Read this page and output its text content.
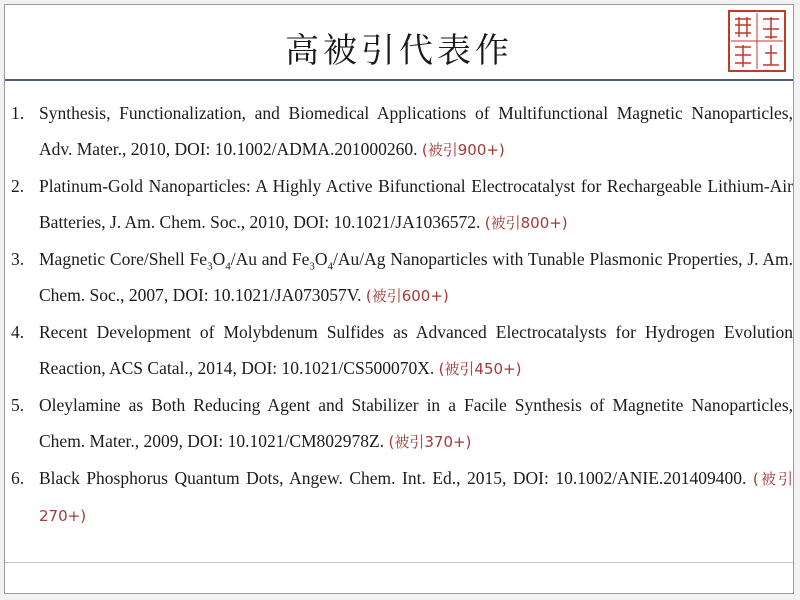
高被引代表作
1. Synthesis, Functionalization, and Biomedical Applications of Multifunctional Magnetic Nanoparticles, Adv. Mater., 2010, DOI: 10.1002/ADMA.201000260. (被引900+)
2. Platinum-Gold Nanoparticles: A Highly Active Bifunctional Electrocatalyst for Rechargeable Lithium-Air Batteries, J. Am. Chem. Soc., 2010, DOI: 10.1021/JA1036572. (被引800+)
3. Magnetic Core/Shell $Fe_3O_4/Au$ and $Fe_3O_4/Au/Ag$ Nanoparticles with Tunable Plasmonic Properties, J. Am. Chem. Soc., 2007, DOI: 10.1021/JA073057V. (被引600+)
4. Recent Development of Molybdenum Sulfides as Advanced Electrocatalysts for Hydrogen Evolution Reaction, ACS Catal., 2014, DOI: 10.1021/CS500070X. (被引450+)
5. Oleylamine as Both Reducing Agent and Stabilizer in a Facile Synthesis of Magnetite Nanoparticles, Chem. Mater., 2009, DOI: 10.1021/CM802978Z. (被引370+)
6. Black Phosphorus Quantum Dots, Angew. Chem. Int. Ed., 2015, DOI: 10.1002/ANIE.201409400. (被引270+)
